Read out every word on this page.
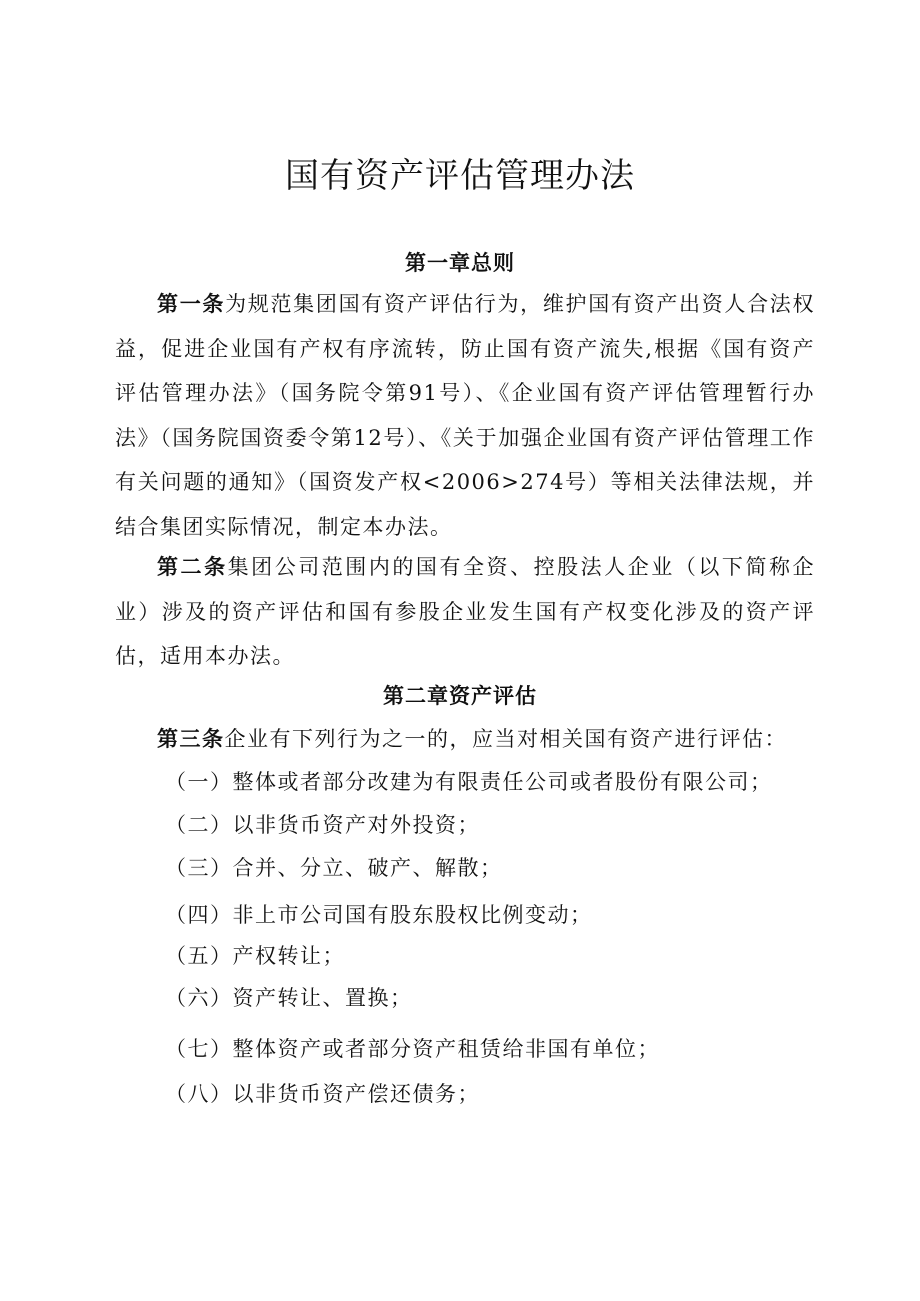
国有资产评估管理办法
第一章总则
第一条为规范集团国有资产评估行为，维护国有资产出资人合法权益，促进企业国有产权有序流转，防止国有资产流失,根据《国有资产评估管理办法》（国务院令第91号）、《企业国有资产评估管理暂行办法》（国务院国资委令第12号）、《关于加强企业国有资产评估管理工作有关问题的通知》（国资发产权<2006>274号）等相关法律法规，并结合集团实际情况，制定本办法。
第二条集团公司范围内的国有全资、控股法人企业（以下简称企业）涉及的资产评估和国有参股企业发生国有产权变化涉及的资产评估，适用本办法。
第二章资产评估
第三条企业有下列行为之一的，应当对相关国有资产进行评估：
（一）整体或者部分改建为有限责任公司或者股份有限公司；
（二）以非货币资产对外投资；
（三）合并、分立、破产、解散；
（四）非上市公司国有股东股权比例变动；
（五）产权转让；
（六）资产转让、置换；
（七）整体资产或者部分资产租赁给非国有单位；
（八）以非货币资产偿还债务；
